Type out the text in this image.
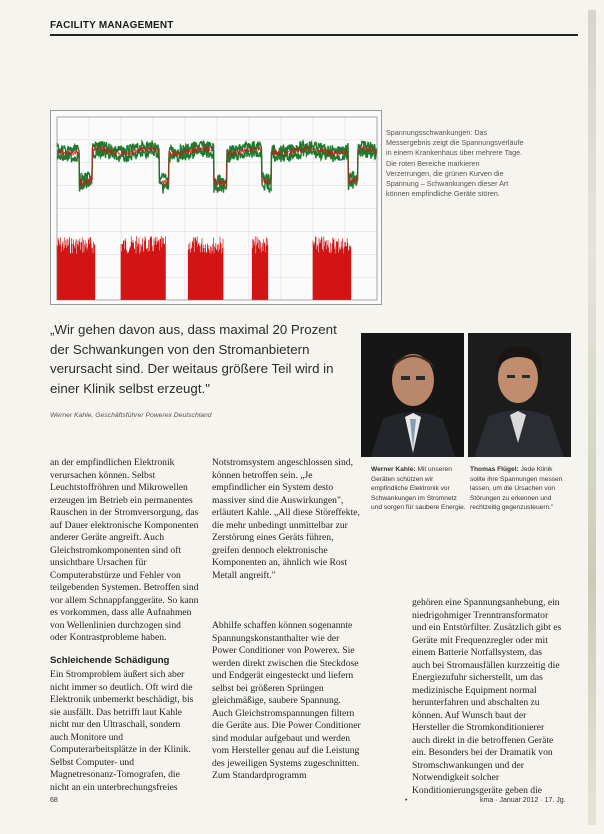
FACILITY MANAGEMENT
Spannungsschwankungen: Das Messergebnis zeigt die Spannungsverläufe in einem Krankenhaus über mehrere Tage. Die roten Bereiche markieren Verzerrungen, die grünen Kurven die Spannung – Schwankungen dieser Art können empfindliche Geräte stören.
„Wir gehen davon aus, dass maximal 20 Prozent der Schwankungen von den Stromanbietern verursacht sind. Der weitaus größere Teil wird in einer Klinik selbst erzeugt."
Werner Kahle, Geschäftsführer Powerex Deutschland
Werner Kahle: Mit unseren Geräten schützen wir empfindliche Elektronik vor Schwankungen im Stromnetz und sorgen für saubere Energie.
Thomas Flügel: Jede Klinik sollte ihre Spannungen messen lassen, um die Ursachen von Störungen zu erkennen und rechtzeitig gegenzusteuern."

an der empfindlichen Elektronik verursachen können. Selbst Leuchtstoffröhren und Mikrowellen erzeugen im Betrieb ein permanentes Rauschen in der Stromversorgung, das auf Dauer elektronische Komponenten anderer Geräte angreift. Auch Gleichstromkomponenten sind oft unsichtbare Ursachen für Computerabstürze und Fehler von teilgebenden Systemen. Betroffen sind vor allem Schnappfanggeräte. So kann es vorkommen, dass alle Aufnahmen von Wellenlinien durchzogen sind oder Kontrastprobleme haben.

Schleichende Schädigung

Ein Stromproblem äußert sich aber nicht immer so deutlich. Oft wird die Elektronik unbemerkt beschädigt, bis sie ausfällt. Das betrifft laut Kahle nicht nur den Ultraschall, sondern auch Monitore und Computerarbeitsplätze in der Klinik. Selbst Computer- und Magnetresonanz-Tomografen, die nicht an ein unterbrechungsfreies

Notstromsystem angeschlossen sind, können betroffen sein. „Je empfindlicher ein System desto massiver sind die Auswirkungen", erläutert Kahle. „All diese Störeffekte, die mehr unbedingt unmittelbar zur Zerstörung eines Geräts führen, greifen dennoch elektronische Komponenten an, ähnlich wie Rost Metall angreift."

Abhilfe schaffen können sogenannte Spannungskonstanthalter wie der Power Conditioner von Powerex. Sie werden direkt zwischen die Steckdose und Endgerät eingesteckt und liefern selbst bei größeren Sprüngen gleichmäßige, saubere Spannung. Auch Gleichstromspannungen filtern die Geräte aus. Die Power Conditioner sind modular aufgebaut und werden vom Hersteller genau auf die Leistung des jeweiligen Systems zugeschnitten. Zum Standardprogramm

gehören eine Spannungsanhebung, ein niedrigohmiger Trenntransformator und ein Entstörfilter. Zusätzlich gibt es Geräte mit Frequenzregler oder mit einem Batterie Notfallsystem, das auch bei Stromausfällen kurzzeitig die Energiezufuhr sicherstellt, um das medizinische Equipment normal herunterfahren und abschalten zu können. Auf Wunsch baut der Hersteller die Stromkonditionierer auch direkt in die betroffenen Geräte ein. Besonders bei der Dramatik von Stromschwankungen und der Notwendigkeit solcher Konditionierungsgeräte geben die

68	•	kma · Januar 2012 · 17. Jg.
